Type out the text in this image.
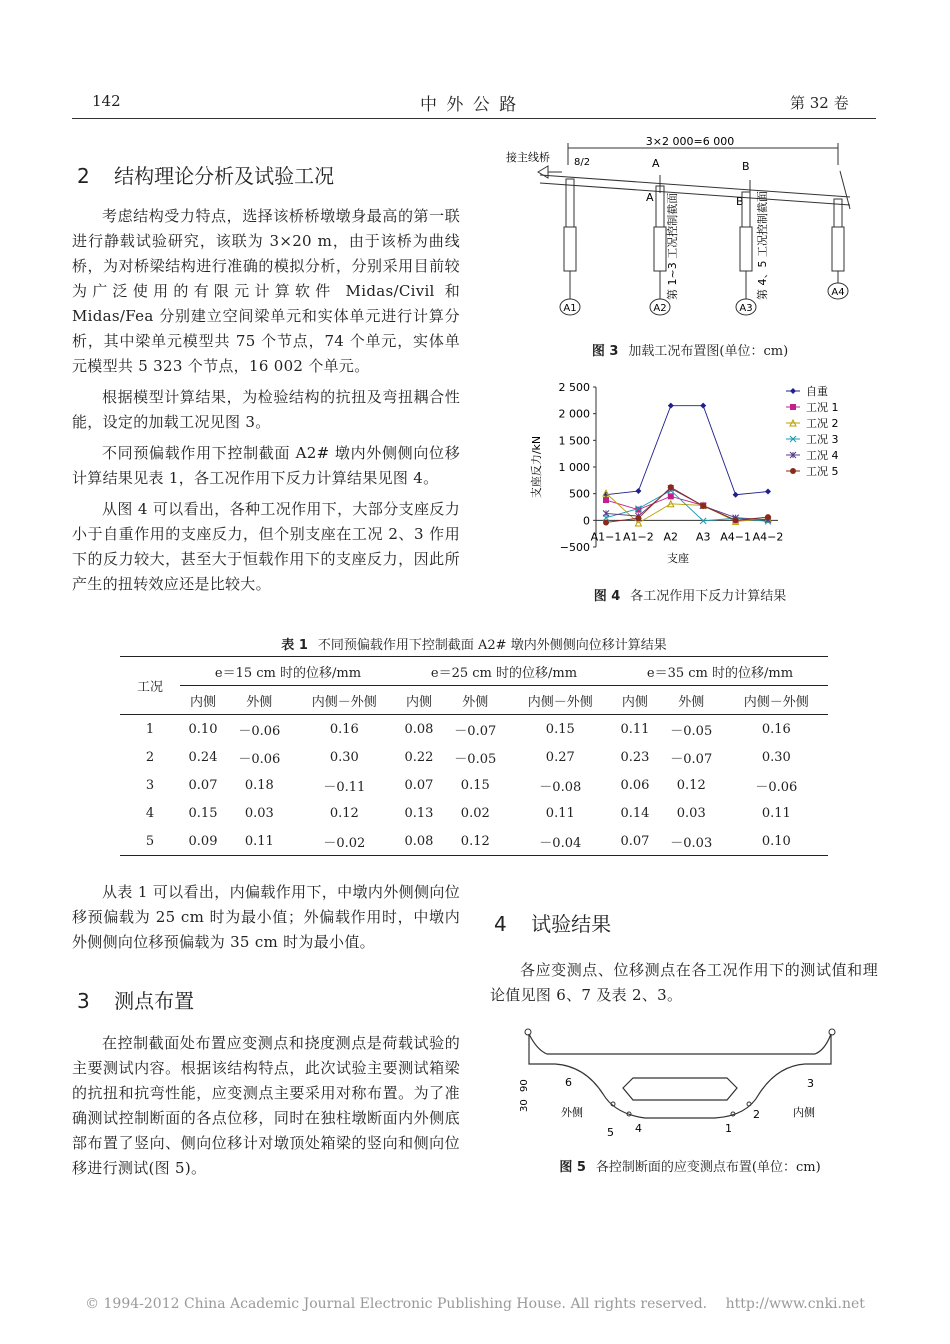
142	中 外 公 路	第 32 卷
2 结构理论分析及试验工况

考虑结构受力特点，选择该桥桥墩墩身最高的第一联进行静载试验研究，该联为 3×20 m，由于该桥为曲线桥，为对桥梁结构进行准确的模拟分析，分别采用目前较为广泛使用的有限元计算软件 Midas/Civil 和 Midas/Fea 分别建立空间梁单元和实体单元进行计算分析，其中梁单元模型共 75 个节点，74 个单元，实体单元模型共 5 323 个节点，16 002 个单元。

根据模型计算结果，为检验结构的抗扭及弯扭耦合性能，设定的加载工况见图 3。

不同预偏载作用下控制截面 A2# 墩内外侧侧向位移计算结果见表 1，各工况作用下反力计算结果见图 4。

从图 4 可以看出，各种工况作用下，大部分支座反力小于自重作用的支座反力，但个别支座在工况 2、3 作用下的反力较大，甚至大于恒载作用下的支座反力，因此所产生的扭转效应还是比较大。

3×2 000=6 000
接主线桥 8/2	A	B
A	B
第 1~3 工况控制截面	第 4、5 工况控制截面
A1	A2	A3
A4
图 3 加载工况布置图(单位：cm)
支座反力/kN
支座
−500
0
500
1 000
1 500
2 000
2 500
A1−1 A1−2 A2 A3 A4−1 A4−2
自重
工况 1
工况 2
工况 3
工况 4
工况 5
图 4 各工况作用下反力计算结果
表 1 不同预偏载作用下控制截面 A2# 墩内外侧侧向位移计算结果
工况	e＝15 cm 时的位移/mm			e＝25 cm 时的位移/mm			e＝35 cm 时的位移/mm		
	内侧	外侧	内侧－外侧	内侧	外侧	内侧－外侧	内侧	外侧	内侧－外侧
1	0.10	－0.06	0.16	0.08	－0.07	0.15	0.11	－0.05	0.16
2	0.24	－0.06	0.30	0.22	－0.05	0.27	0.23	－0.07	0.30
3	0.07	0.18	－0.11	0.07	0.15	－0.08	0.06	0.12	－0.06
4	0.15	0.03	0.12	0.13	0.02	0.11	0.14	0.03	0.11
5	0.09	0.11	－0.02	0.08	0.12	－0.04	0.07	－0.03	0.10

从表 1 可以看出，内偏载作用下，中墩内外侧侧向位移预偏载为 25 cm 时为最小值；外偏载作用时，中墩内外侧侧向位移预偏载为 35 cm 时为最小值。

3 测点布置

在控制截面处布置应变测点和挠度测点是荷载试验的主要测试内容。根据该结构特点，此次试验主要测试箱梁的抗扭和抗弯性能，应变测点主要采用对称布置。为了准确测试控制断面的各点位移，同时在独柱墩断面内外侧底部布置了竖向、侧向位移计对墩顶处箱梁的竖向和侧向位移进行测试(图 5)。

4 试验结果

各应变测点、位移测点在各工况作用下的测试值和理论值见图 6、7 及表 2、3。

6	3
5 4	1
2
外侧	内侧
90
30
图 5 各控制断面的应变测点布置(单位：cm)
© 1994-2012 China Academic Journal Electronic Publishing House. All rights reserved. http://www.cnki.net
